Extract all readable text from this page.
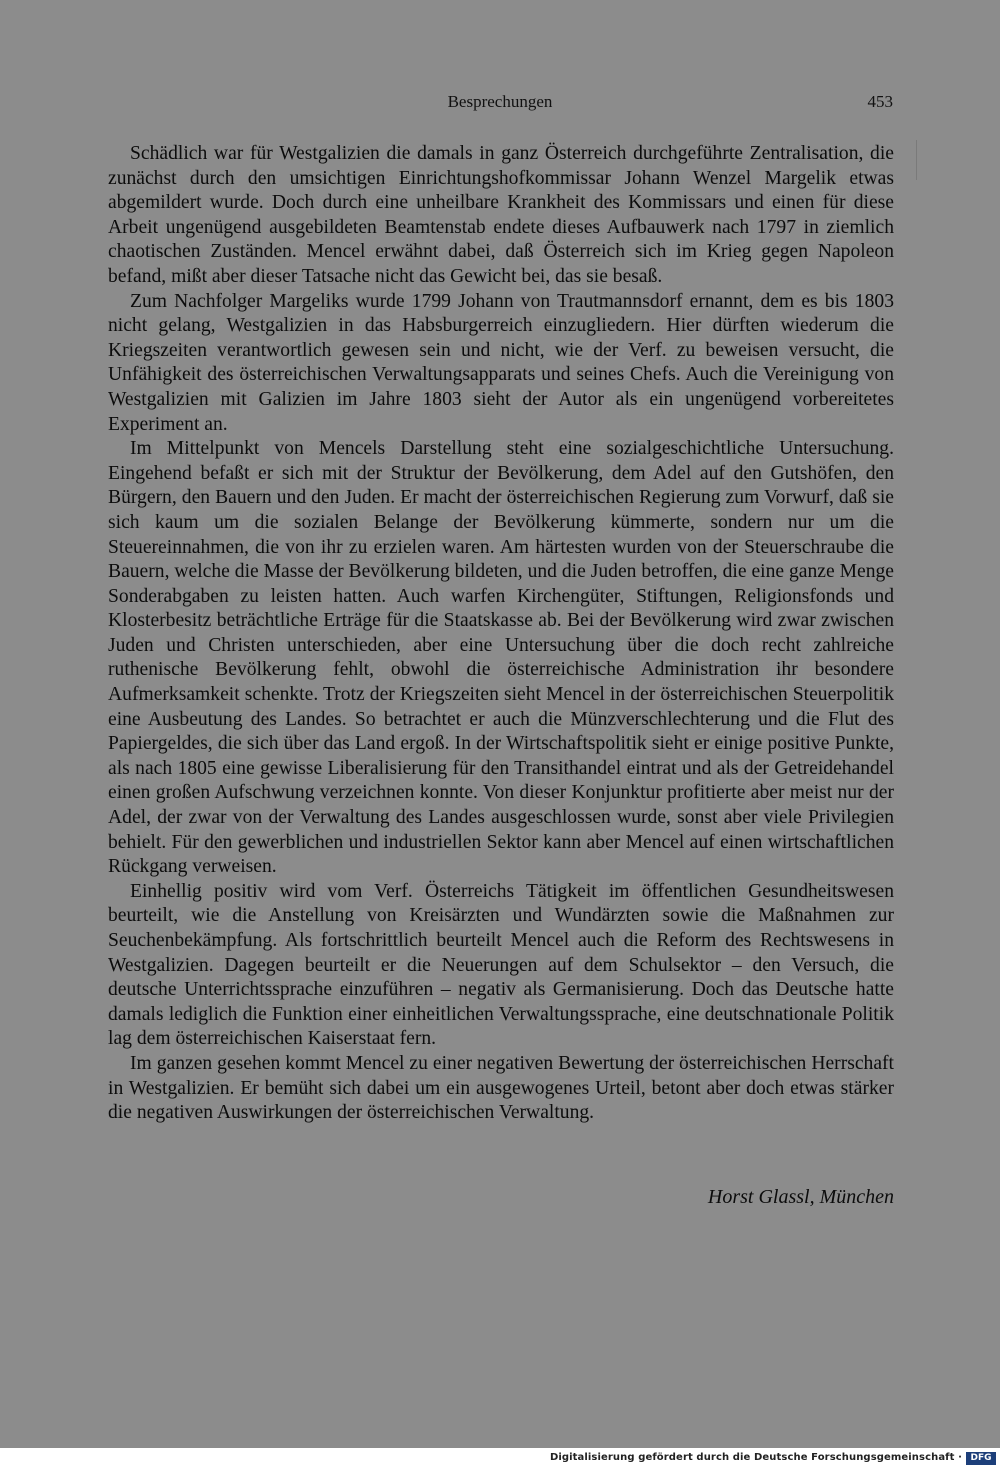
Besprechungen	453

Schädlich war für Westgalizien die damals in ganz Österreich durchgeführte Zentralisation, die zunächst durch den umsichtigen Einrichtungshofkommissar Johann Wenzel Margelik etwas abgemildert wurde. Doch durch eine unheilbare Krankheit des Kommissars und einen für diese Arbeit ungenügend ausgebildeten Beamtenstab endete dieses Aufbauwerk nach 1797 in ziemlich chaotischen Zuständen. Mencel erwähnt dabei, daß Österreich sich im Krieg gegen Napoleon befand, mißt aber dieser Tatsache nicht das Gewicht bei, das sie besaß.

Zum Nachfolger Margeliks wurde 1799 Johann von Trautmannsdorf ernannt, dem es bis 1803 nicht gelang, Westgalizien in das Habsburgerreich einzugliedern. Hier dürften wiederum die Kriegszeiten verantwortlich gewesen sein und nicht, wie der Verf. zu beweisen versucht, die Unfähigkeit des österreichischen Verwaltungsapparats und seines Chefs. Auch die Vereinigung von Westgalizien mit Galizien im Jahre 1803 sieht der Autor als ein ungenügend vorbereitetes Experiment an.

Im Mittelpunkt von Mencels Darstellung steht eine sozialgeschichtliche Untersuchung. Eingehend befaßt er sich mit der Struktur der Bevölkerung, dem Adel auf den Gutshöfen, den Bürgern, den Bauern und den Juden. Er macht der österreichischen Regierung zum Vorwurf, daß sie sich kaum um die sozialen Belange der Bevölkerung kümmerte, sondern nur um die Steuereinnahmen, die von ihr zu erzielen waren. Am härtesten wurden von der Steuerschraube die Bauern, welche die Masse der Bevölkerung bildeten, und die Juden betroffen, die eine ganze Menge Sonderabgaben zu leisten hatten. Auch warfen Kirchengüter, Stiftungen, Religionsfonds und Klosterbesitz beträchtliche Erträge für die Staatskasse ab. Bei der Bevölkerung wird zwar zwischen Juden und Christen unterschieden, aber eine Untersuchung über die doch recht zahlreiche ruthenische Bevölkerung fehlt, obwohl die österreichische Administration ihr besondere Aufmerksamkeit schenkte. Trotz der Kriegszeiten sieht Mencel in der österreichischen Steuerpolitik eine Ausbeutung des Landes. So betrachtet er auch die Münzverschlechterung und die Flut des Papiergeldes, die sich über das Land ergoß. In der Wirtschaftspolitik sieht er einige positive Punkte, als nach 1805 eine gewisse Liberalisierung für den Transithandel eintrat und als der Getreidehandel einen großen Aufschwung verzeichnen konnte. Von dieser Konjunktur profitierte aber meist nur der Adel, der zwar von der Verwaltung des Landes ausgeschlossen wurde, sonst aber viele Privilegien behielt. Für den gewerblichen und industriellen Sektor kann aber Mencel auf einen wirtschaftlichen Rückgang verweisen.

Einhellig positiv wird vom Verf. Österreichs Tätigkeit im öffentlichen Gesundheitswesen beurteilt, wie die Anstellung von Kreisärzten und Wundärzten sowie die Maßnahmen zur Seuchenbekämpfung. Als fortschrittlich beurteilt Mencel auch die Reform des Rechtswesens in Westgalizien. Dagegen beurteilt er die Neuerungen auf dem Schulsektor – den Versuch, die deutsche Unterrichtssprache einzuführen – negativ als Germanisierung. Doch das Deutsche hatte damals lediglich die Funktion einer einheitlichen Verwaltungssprache, eine deutschnationale Politik lag dem österreichischen Kaiserstaat fern.

Im ganzen gesehen kommt Mencel zu einer negativen Bewertung der österreichischen Herrschaft in Westgalizien. Er bemüht sich dabei um ein ausgewogenes Urteil, betont aber doch etwas stärker die negativen Auswirkungen der österreichischen Verwaltung.

Horst Glassl, München
Digitalisierung gefördert durch die Deutsche Forschungsgemeinschaft · DFG
